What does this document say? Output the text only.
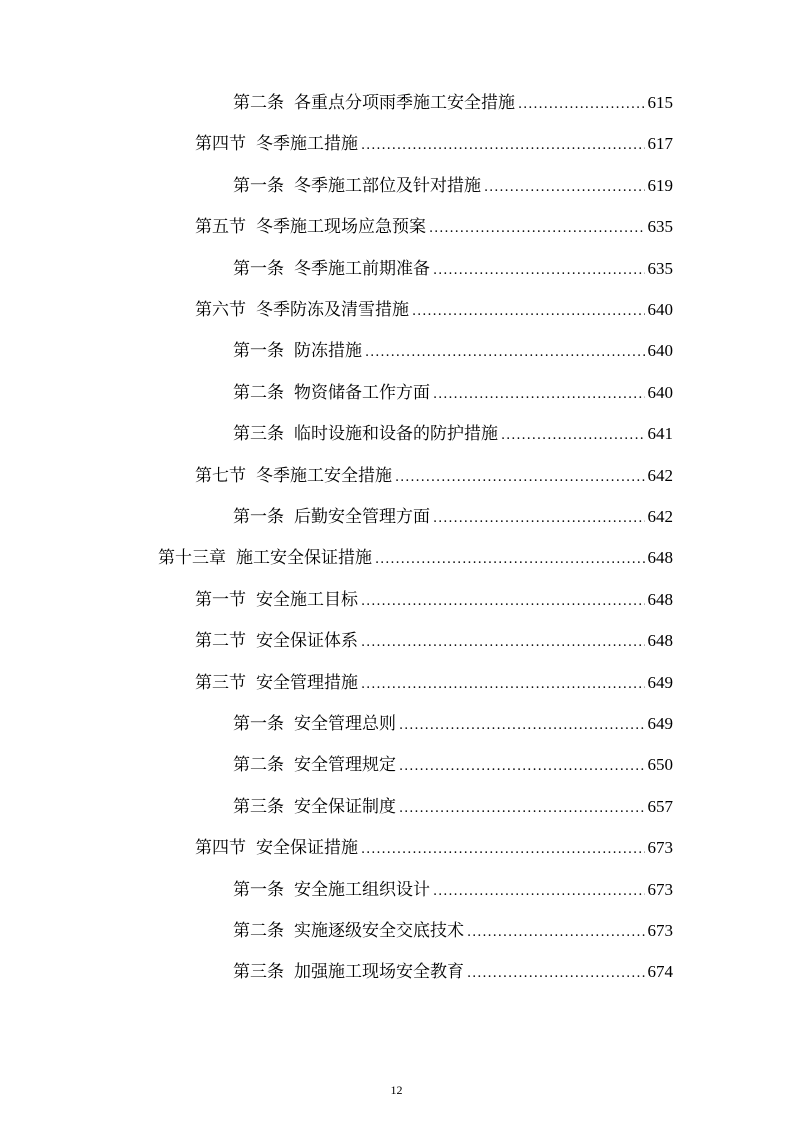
第二条 各重点分项雨季施工安全措施 .....	615
第四节 冬季施工措施 .....	617
第一条 冬季施工部位及针对措施 .....	619
第五节 冬季施工现场应急预案 .....	635
第一条 冬季施工前期准备 .....	635
第六节 冬季防冻及清雪措施 .....	640
第一条 防冻措施 .....	640
第二条 物资储备工作方面 .....	640
第三条 临时设施和设备的防护措施 .....	641
第七节 冬季施工安全措施 .....	642
第一条 后勤安全管理方面 .....	642
第十三章 施工安全保证措施 .....	648
第一节 安全施工目标 .....	648
第二节 安全保证体系 .....	648
第三节 安全管理措施 .....	649
第一条 安全管理总则 .....	649
第二条 安全管理规定 .....	650
第三条 安全保证制度 .....	657
第四节 安全保证措施 .....	673
第一条 安全施工组织设计 .....	673
第二条 实施逐级安全交底技术 .....	673
第三条 加强施工现场安全教育 .....	674
12
